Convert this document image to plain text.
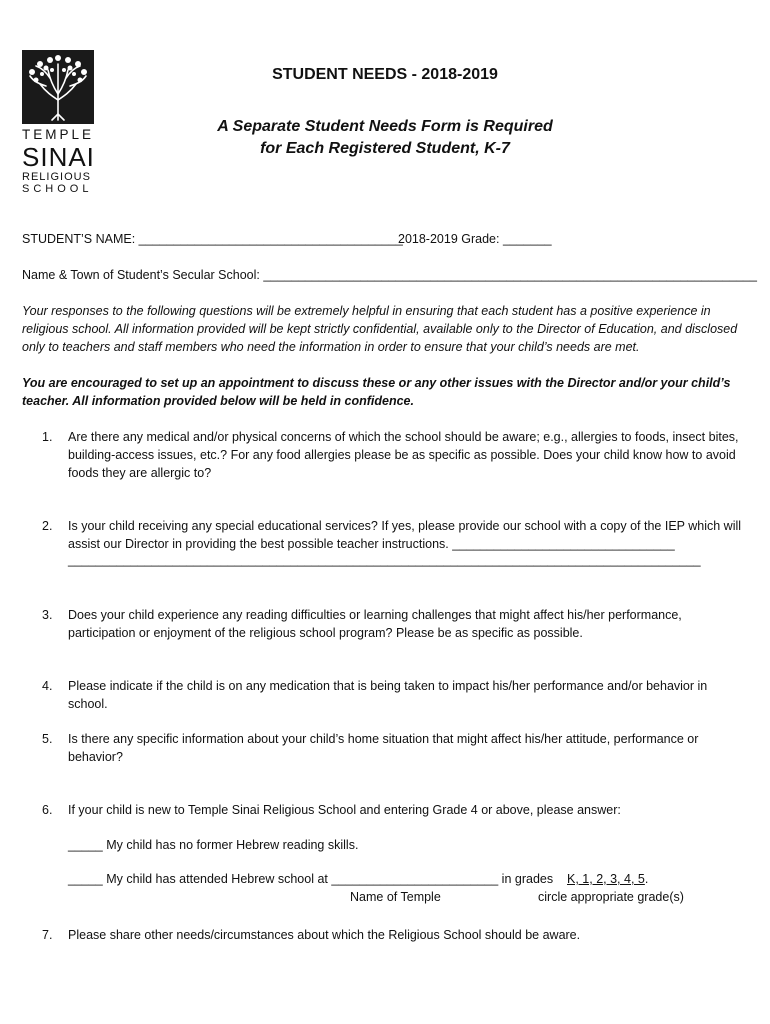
TEMPLE
SINAI
RELIGIOUS
SCHOOL
STUDENT NEEDS - 2018-2019
A Separate Student Needs Form is Required
for Each Registered Student, K-7
STUDENT’S NAME: ______________________________________
2018-2019 Grade: _______
Name & Town of Student’s Secular School: _______________________________________________________________________
Your responses to the following questions will be extremely helpful in ensuring that each student has a positive experience in religious school. All information provided will be kept strictly confidential, available only to the Director of Education, and disclosed only to teachers and staff members who need the information in order to ensure that your child’s needs are met.
You are encouraged to set up an appointment to discuss these or any other issues with the Director and/or your child’s teacher. All information provided below will be held in confidence.
1.	Are there any medical and/or physical concerns of which the school should be aware; e.g., allergies to foods, insect bites, building-access issues, etc.? For any food allergies please be as specific as possible. Does your child know how to avoid foods they are allergic to?
2.	Is your child receiving any special educational services? If yes, please provide our school with a copy of the IEP which will assist our Director in providing the best possible teacher instructions. ________________________________
___________________________________________________________________________________________
3.	Does your child experience any reading difficulties or learning challenges that might affect his/her performance, participation or enjoyment of the religious school program? Please be as specific as possible.
4.	Please indicate if the child is on any medication that is being taken to impact his/her performance and/or behavior in school.
5.	Is there any specific information about your child’s home situation that might affect his/her attitude, performance or behavior?
6.	If your child is new to Temple Sinai Religious School and entering Grade 4 or above, please answer:
_____ My child has no former Hebrew reading skills.
_____ My child has attended Hebrew school at ________________________ in grades K, 1, 2, 3, 4, 5.
Name of Temple	circle appropriate grade(s)
7.	Please share other needs/circumstances about which the Religious School should be aware.
